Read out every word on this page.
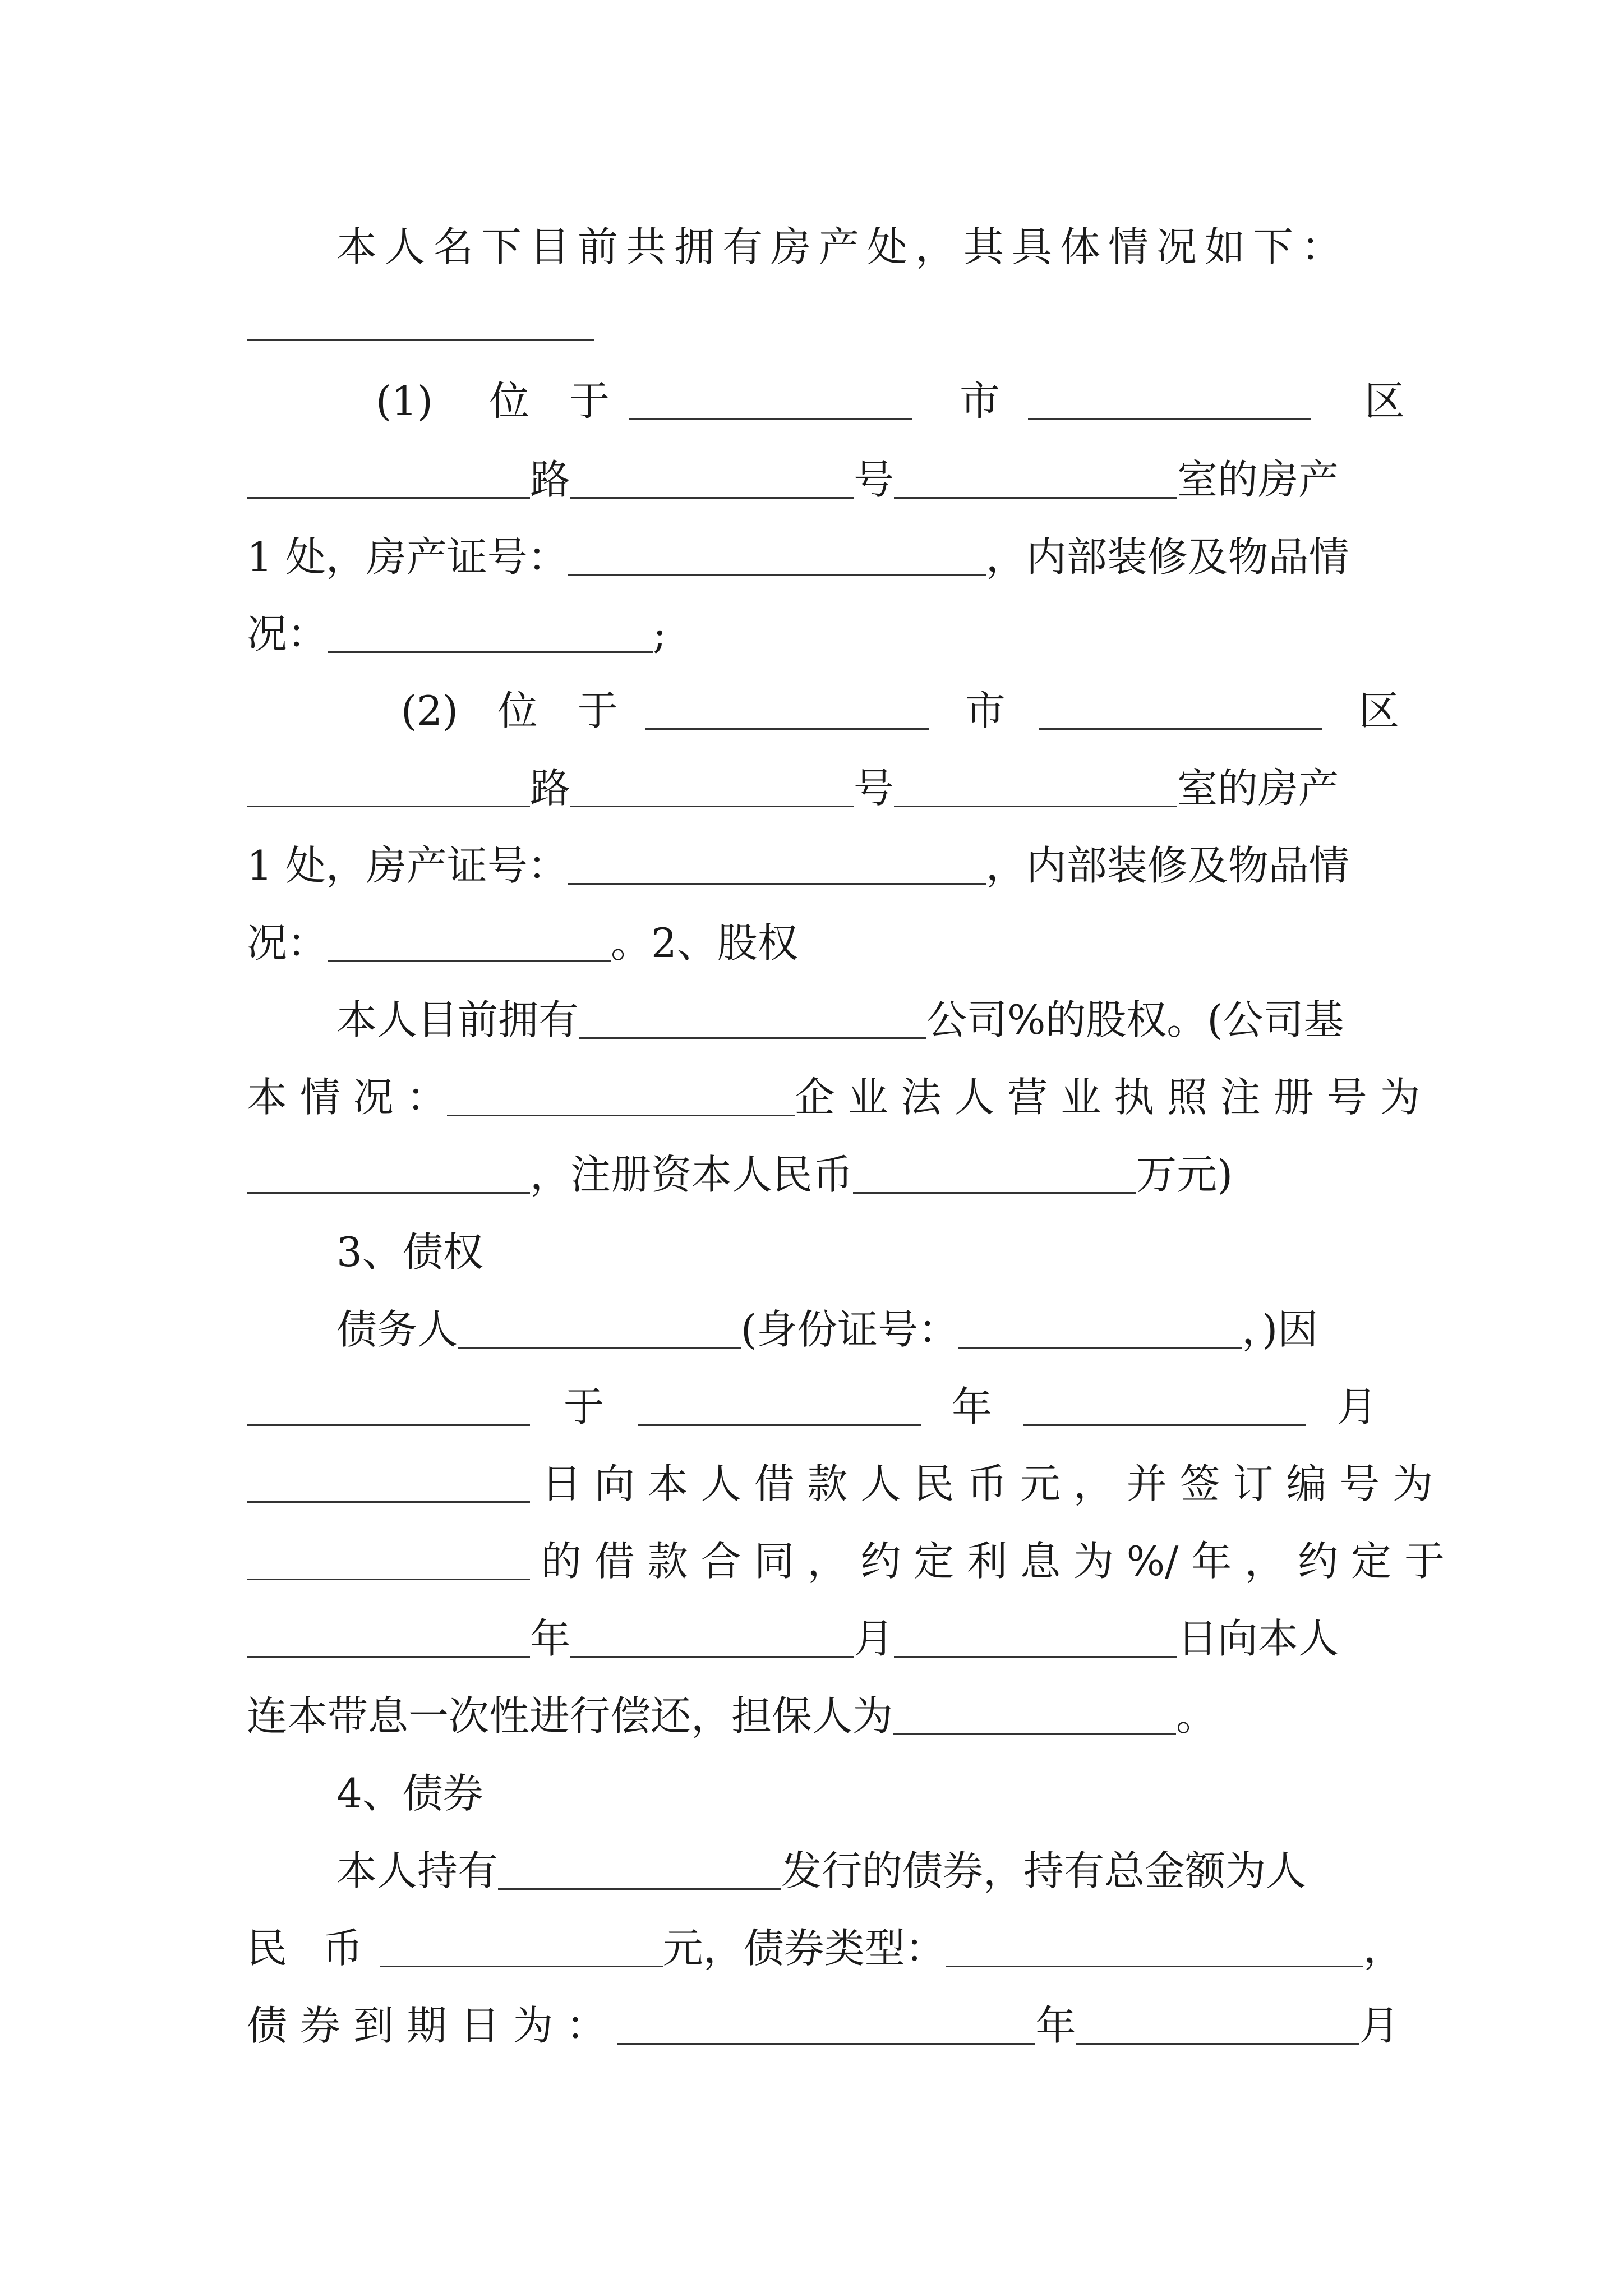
本人名下目前共拥有房产处，其具体情况如下：
(1) 位 于	市	区
路	号	室的房产
1 处，房产证号：	，内部装修及物品情
况：	;
(2) 位 于	市	区
路	号	室的房产
1 处，房产证号：	，内部装修及物品情
况：	。2、股权
本人目前拥有	公司%的股权。(公司基
本 情 况 ：	企 业 法 人 营 业 执 照 注 册 号 为
，注册资本人民币	万元)
3、债权
债务人	(身份证号：	，)因
于	年	月
日 向 本 人 借 款 人 民 币 元 ， 并 签 订 编 号 为
的 借 款 合 同 ， 约 定 利 息 为 %/ 年 ， 约 定 于
年	月	日向本人
连本带息一次性进行偿还，担保人为	。
4、债券
本人持有	发行的债券，持有总金额为人
民 币	元，债券类型：	，
债 券 到 期 日 为 ：	年	月
